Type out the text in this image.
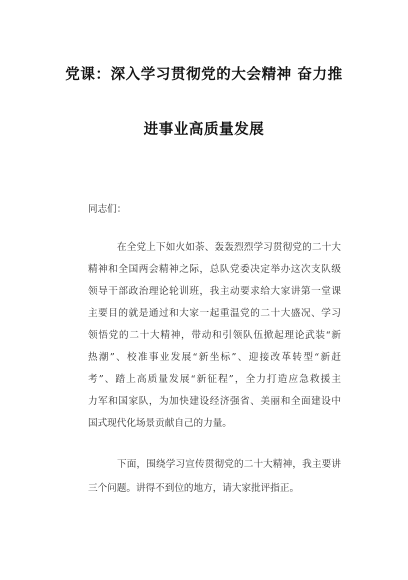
党课：深入学习贯彻党的大会精神 奋力推
进事业高质量发展
同志们：
在全党上下如火如荼、轰轰烈烈学习贯彻党的二十大
精神和全国两会精神之际，总队党委决定举办这次支队级
领导干部政治理论轮训班，我主动要求给大家讲第一堂课
主要目的就是通过和大家一起重温党的二十大盛况、学习
领悟党的二十大精神，带动和引领队伍掀起理论武装“新
热潮”、校准事业发展“新坐标”、迎接改革转型“新赶
考”、踏上高质量发展“新征程”，全力打造应急救援主
力军和国家队，为加快建设经济强省、美丽和全面建设中
国式现代化场景贡献自己的力量。
下面，围绕学习宣传贯彻党的二十大精神，我主要讲
三个问题。讲得不到位的地方，请大家批评指正。
